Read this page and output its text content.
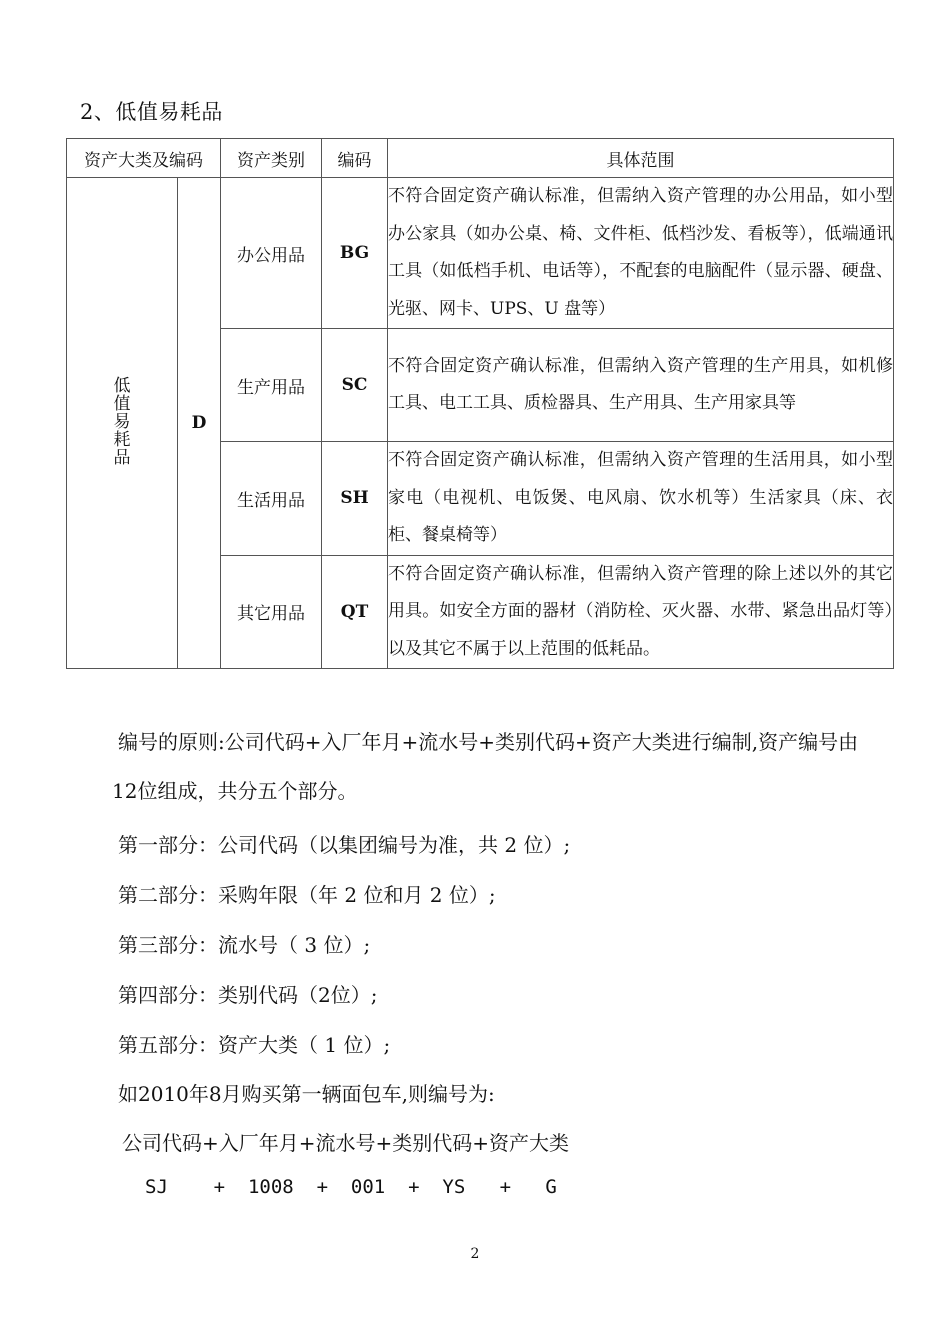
2、低值易耗品
资产大类及编码		资产类别	编码	具体范围
低值易耗品	D	办公用品	BG	不符合固定资产确认标准，但需纳入资产管理的办公用品，如小型办公家具（如办公桌、椅、文件柜、低档沙发、看板等），低端通讯工具（如低档手机、电话等），不配套的电脑配件（显示器、硬盘、光驱、网卡、UPS、U 盘等）
		生产用品	SC	不符合固定资产确认标准，但需纳入资产管理的生产用具，如机修工具、电工工具、质检器具、生产用具、生产用家具等
		生活用品	SH	不符合固定资产确认标准，但需纳入资产管理的生活用具，如小型家电（电视机、电饭煲、电风扇、饮水机等）生活家具（床、衣柜、餐桌椅等）
		其它用品	QT	不符合固定资产确认标准，但需纳入资产管理的除上述以外的其它用具。如安全方面的器材（消防栓、灭火器、水带、紧急出品灯等）以及其它不属于以上范围的低耗品。
编号的原则:公司代码+入厂年月+流水号+类别代码+资产大类进行编制,资产编号由12位组成，共分五个部分。
第一部分：公司代码（以集团编号为准，共 2 位）;
第二部分：采购年限（年 2 位和月 2 位）;
第三部分：流水号（ 3 位）;
第四部分：类别代码（2位）;
第五部分：资产大类（ 1 位）;
如2010年8月购买第一辆面包车,则编号为:
公司代码+入厂年月+流水号+类别代码+资产大类
SJ    +  1008  +  001  +  YS   +   G
2
